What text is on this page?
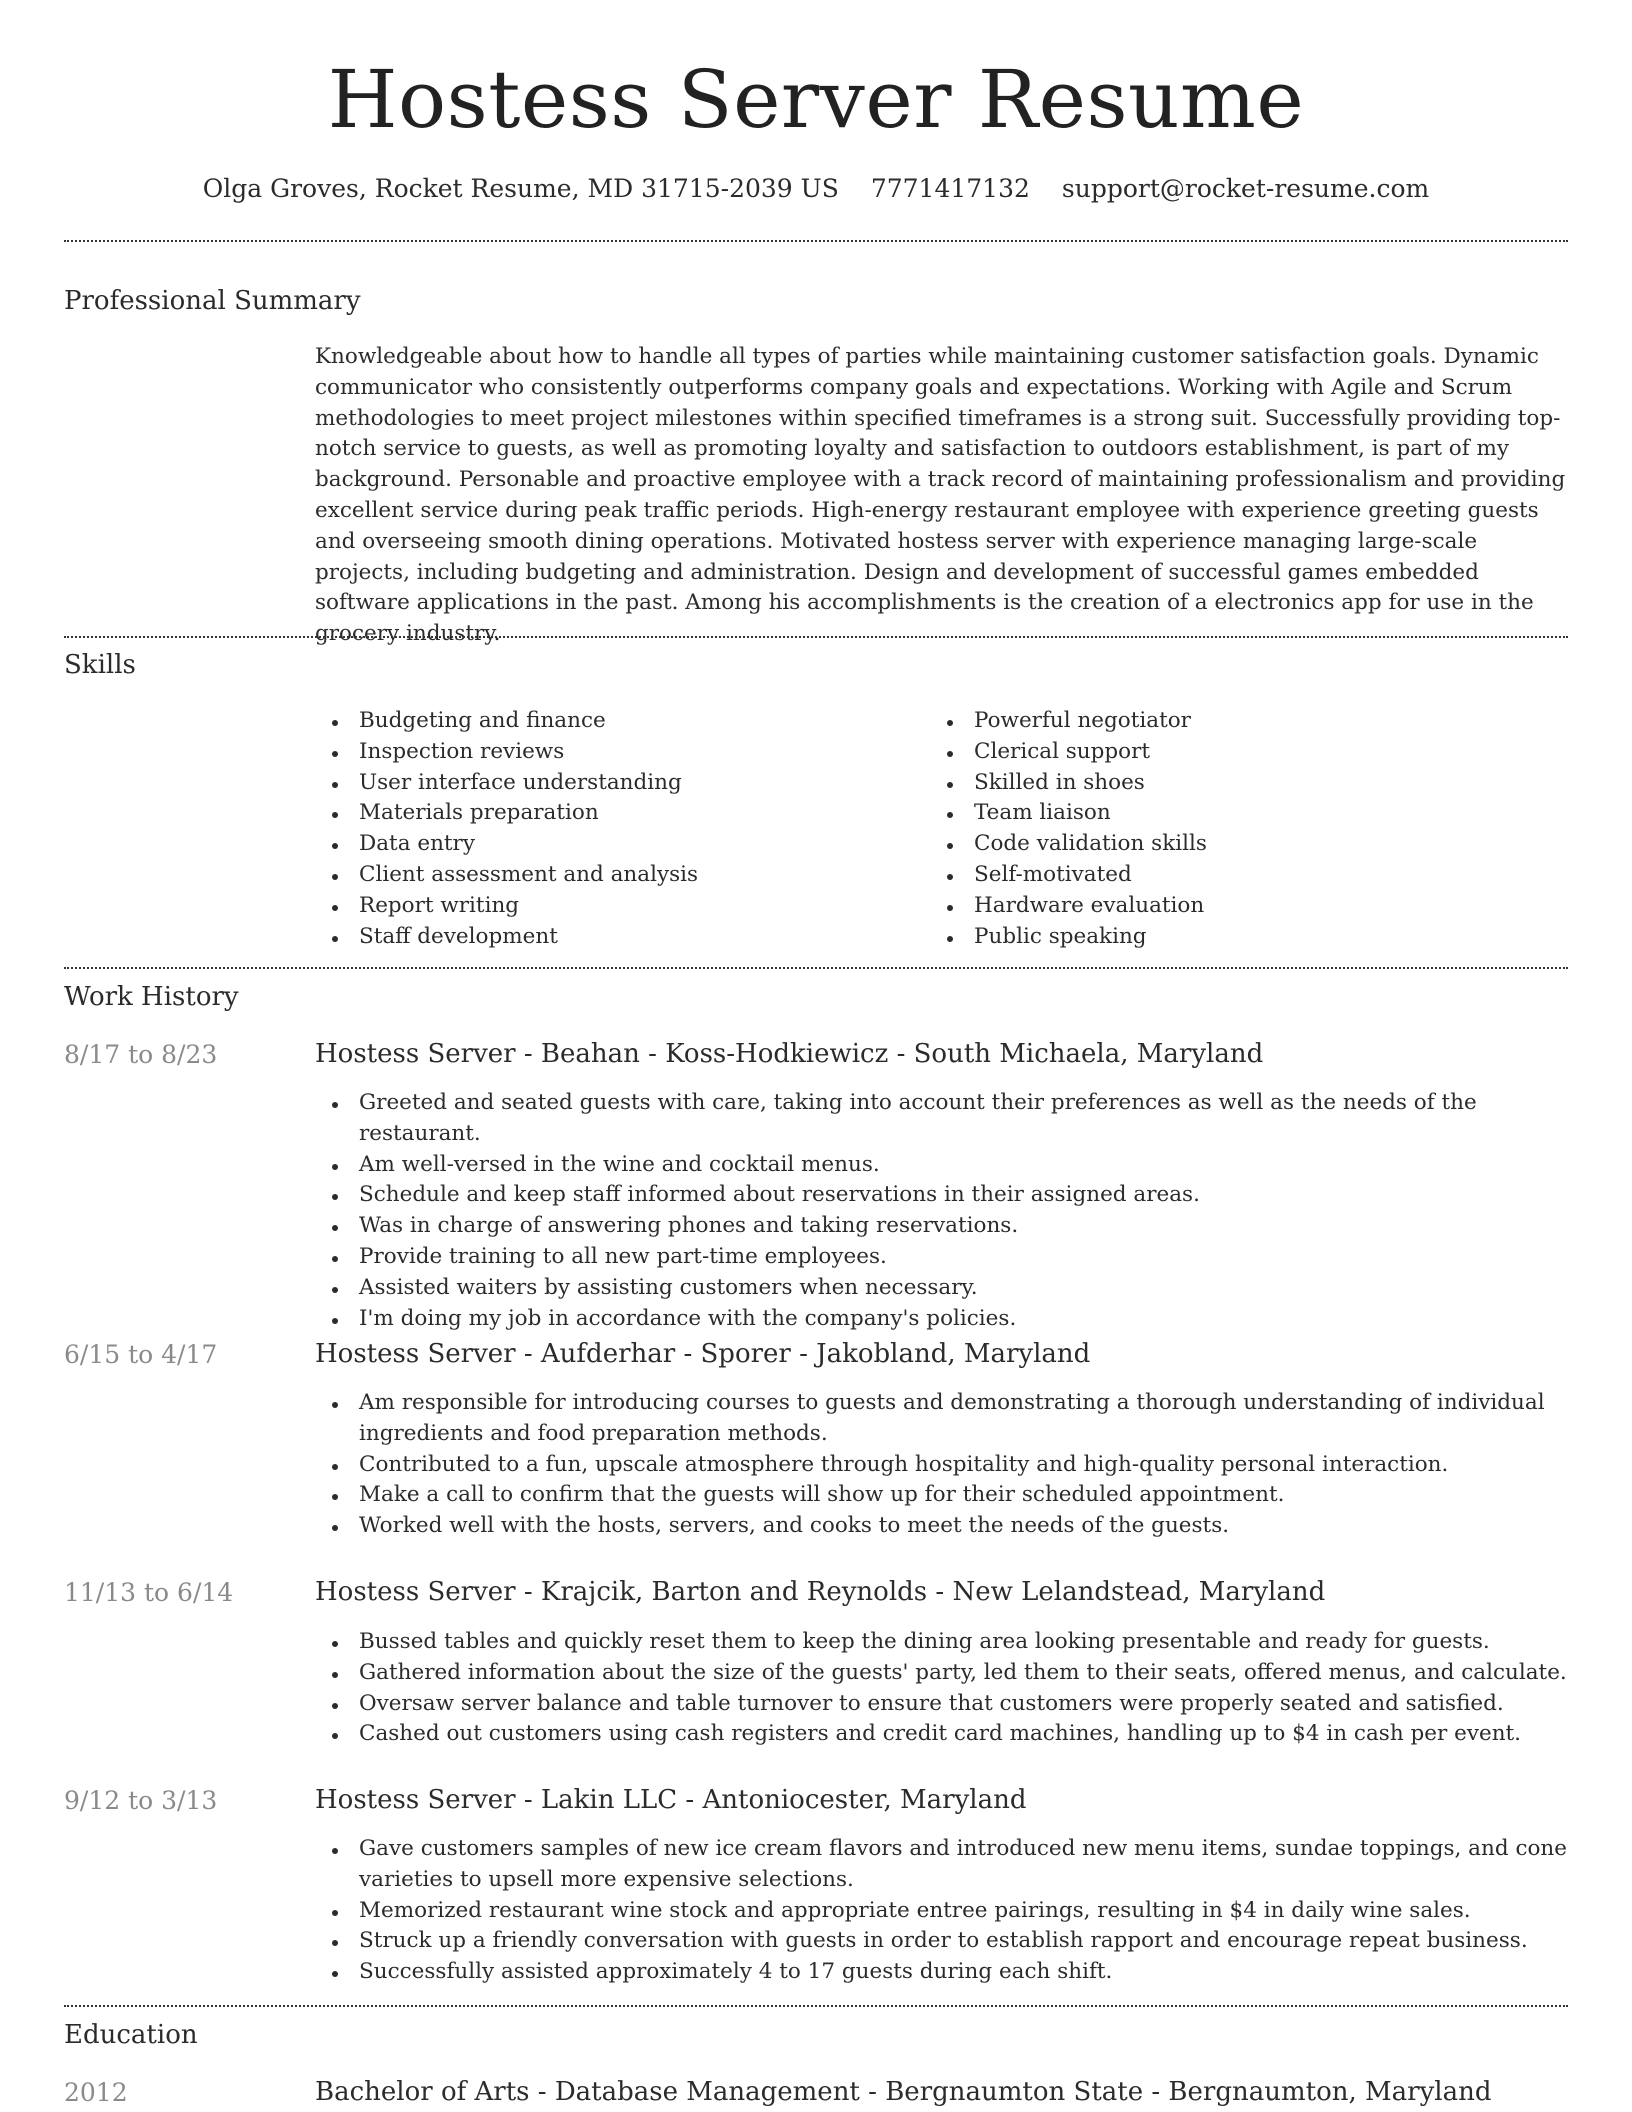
Hostess Server Resume
Olga Groves, Rocket Resume, MD 31715-2039 US 7771417132 support@rocket-resume.com
Professional Summary

Knowledgeable about how to handle all types of parties while maintaining customer satisfaction goals. Dynamic communicator who consistently outperforms company goals and expectations. Working with Agile and Scrum methodologies to meet project milestones within specified timeframes is a strong suit. Successfully providing top-notch service to guests, as well as promoting loyalty and satisfaction to outdoors establishment, is part of my background. Personable and proactive employee with a track record of maintaining professionalism and providing excellent service during peak traffic periods. High-energy restaurant employee with experience greeting guests and overseeing smooth dining operations. Motivated hostess server with experience managing large-scale projects, including budgeting and administration. Design and development of successful games embedded software applications in the past. Among his accomplishments is the creation of a electronics app for use in the grocery industry.

Skills
Budgeting and finance
Inspection reviews
User interface understanding
Materials preparation
Data entry
Client assessment and analysis
Report writing
Staff development
Powerful negotiator
Clerical support
Skilled in shoes
Team liaison
Code validation skills
Self-motivated
Hardware evaluation
Public speaking
Work History
8/17 to 8/23	Hostess Server - Beahan - Koss-Hodkiewicz - South Michaela, Maryland
Greeted and seated guests with care, taking into account their preferences as well as the needs of the restaurant.
Am well-versed in the wine and cocktail menus.
Schedule and keep staff informed about reservations in their assigned areas.
Was in charge of answering phones and taking reservations.
Provide training to all new part-time employees.
Assisted waiters by assisting customers when necessary.
I'm doing my job in accordance with the company's policies.
6/15 to 4/17	Hostess Server - Aufderhar - Sporer - Jakobland, Maryland
Am responsible for introducing courses to guests and demonstrating a thorough understanding of individual ingredients and food preparation methods.
Contributed to a fun, upscale atmosphere through hospitality and high-quality personal interaction.
Make a call to confirm that the guests will show up for their scheduled appointment.
Worked well with the hosts, servers, and cooks to meet the needs of the guests.
11/13 to 6/14	Hostess Server - Krajcik, Barton and Reynolds - New Lelandstead, Maryland
Bussed tables and quickly reset them to keep the dining area looking presentable and ready for guests.
Gathered information about the size of the guests' party, led them to their seats, offered menus, and calculate.
Oversaw server balance and table turnover to ensure that customers were properly seated and satisfied.
Cashed out customers using cash registers and credit card machines, handling up to $4 in cash per event.
9/12 to 3/13	Hostess Server - Lakin LLC - Antoniocester, Maryland
Gave customers samples of new ice cream flavors and introduced new menu items, sundae toppings, and cone varieties to upsell more expensive selections.
Memorized restaurant wine stock and appropriate entree pairings, resulting in $4 in daily wine sales.
Struck up a friendly conversation with guests in order to establish rapport and encourage repeat business.
Successfully assisted approximately 4 to 17 guests during each shift.
Education
2012	Bachelor of Arts - Database Management - Bergnaumton State - Bergnaumton, Maryland
